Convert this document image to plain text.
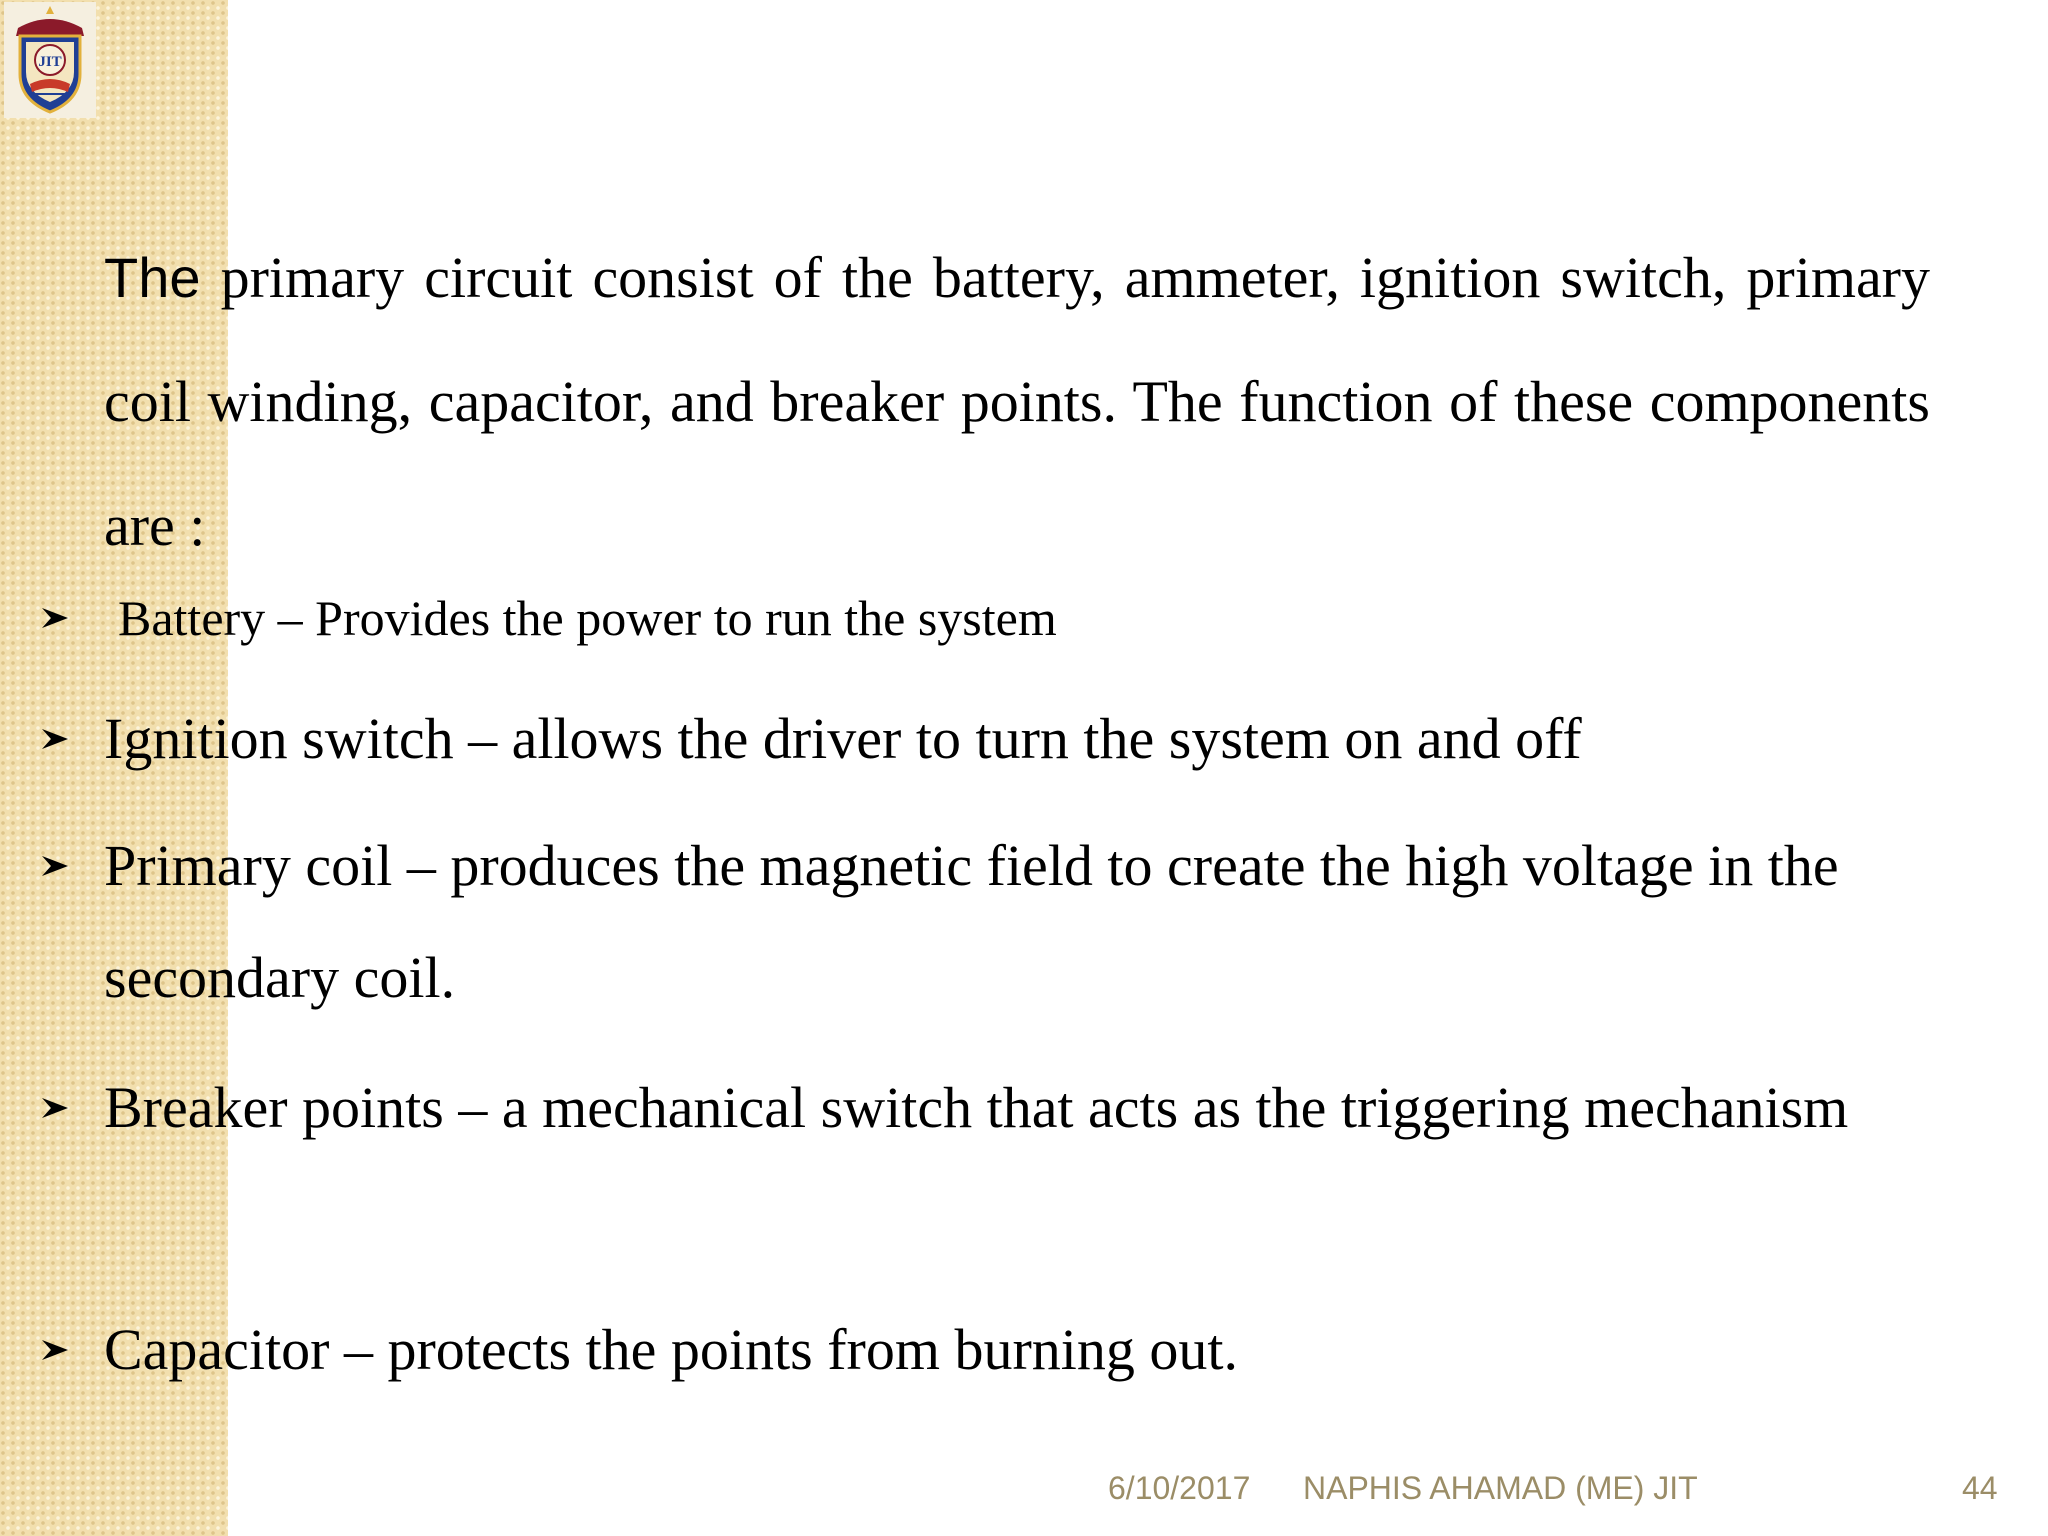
JIT

The primary circuit consist of the battery, ammeter, ignition switch, primary coil winding, capacitor, and breaker points. The function of these components are :

Battery – Provides the power to run the system
Ignition switch – allows the driver to turn the system on and off
Primary coil – produces the magnetic field to create the high voltage in the secondary coil.
Breaker points – a mechanical switch that acts as the triggering mechanism
Capacitor – protects the points from burning out.
6/10/2017 NAPHIS AHAMAD (ME) JIT	44
